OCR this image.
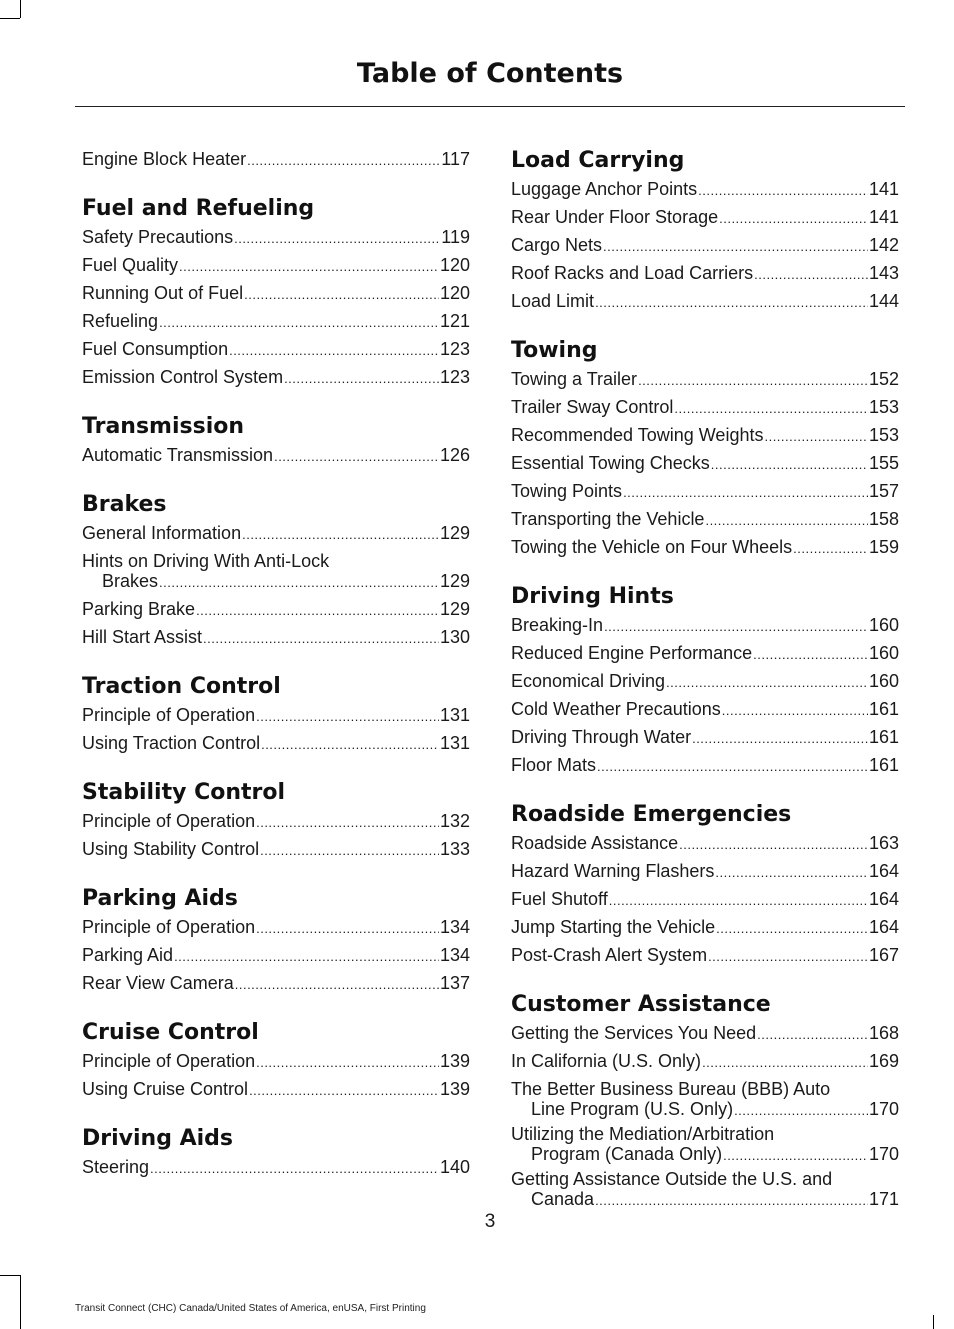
Table of Contents
Engine Block Heater .....	117
Fuel and Refueling
Safety Precautions .....	119
Fuel Quality .....	120
Running Out of Fuel .....	120
Refueling .....	121
Fuel Consumption .....	123
Emission Control System .....	123
Transmission
Automatic Transmission .....	126
Brakes
General Information .....	129
Hints on Driving With Anti-Lock
Brakes .....	129
Parking Brake .....	129
Hill Start Assist .....	130
Traction Control
Principle of Operation .....	131
Using Traction Control .....	131
Stability Control
Principle of Operation .....	132
Using Stability Control .....	133
Parking Aids
Principle of Operation .....	134
Parking Aid .....	134
Rear View Camera .....	137
Cruise Control
Principle of Operation .....	139
Using Cruise Control .....	139
Driving Aids
Steering .....	140
Load Carrying
Luggage Anchor Points .....	141
Rear Under Floor Storage .....	141
Cargo Nets .....	142
Roof Racks and Load Carriers .....	143
Load Limit .....	144
Towing
Towing a Trailer .....	152
Trailer Sway Control .....	153
Recommended Towing Weights .....	153
Essential Towing Checks .....	155
Towing Points .....	157
Transporting the Vehicle .....	158
Towing the Vehicle on Four Wheels .....	159
Driving Hints
Breaking-In .....	160
Reduced Engine Performance .....	160
Economical Driving .....	160
Cold Weather Precautions .....	161
Driving Through Water .....	161
Floor Mats .....	161
Roadside Emergencies
Roadside Assistance .....	163
Hazard Warning Flashers .....	164
Fuel Shutoff .....	164
Jump Starting the Vehicle .....	164
Post-Crash Alert System .....	167
Customer Assistance
Getting the Services You Need .....	168
In California (U.S. Only) .....	169
The Better Business Bureau (BBB) Auto
Line Program (U.S. Only) .....	170
Utilizing the Mediation/Arbitration
Program (Canada Only) .....	170
Getting Assistance Outside the U.S. and
Canada .....	171
3
Transit Connect (CHC) Canada/United States of America, enUSA, First Printing
